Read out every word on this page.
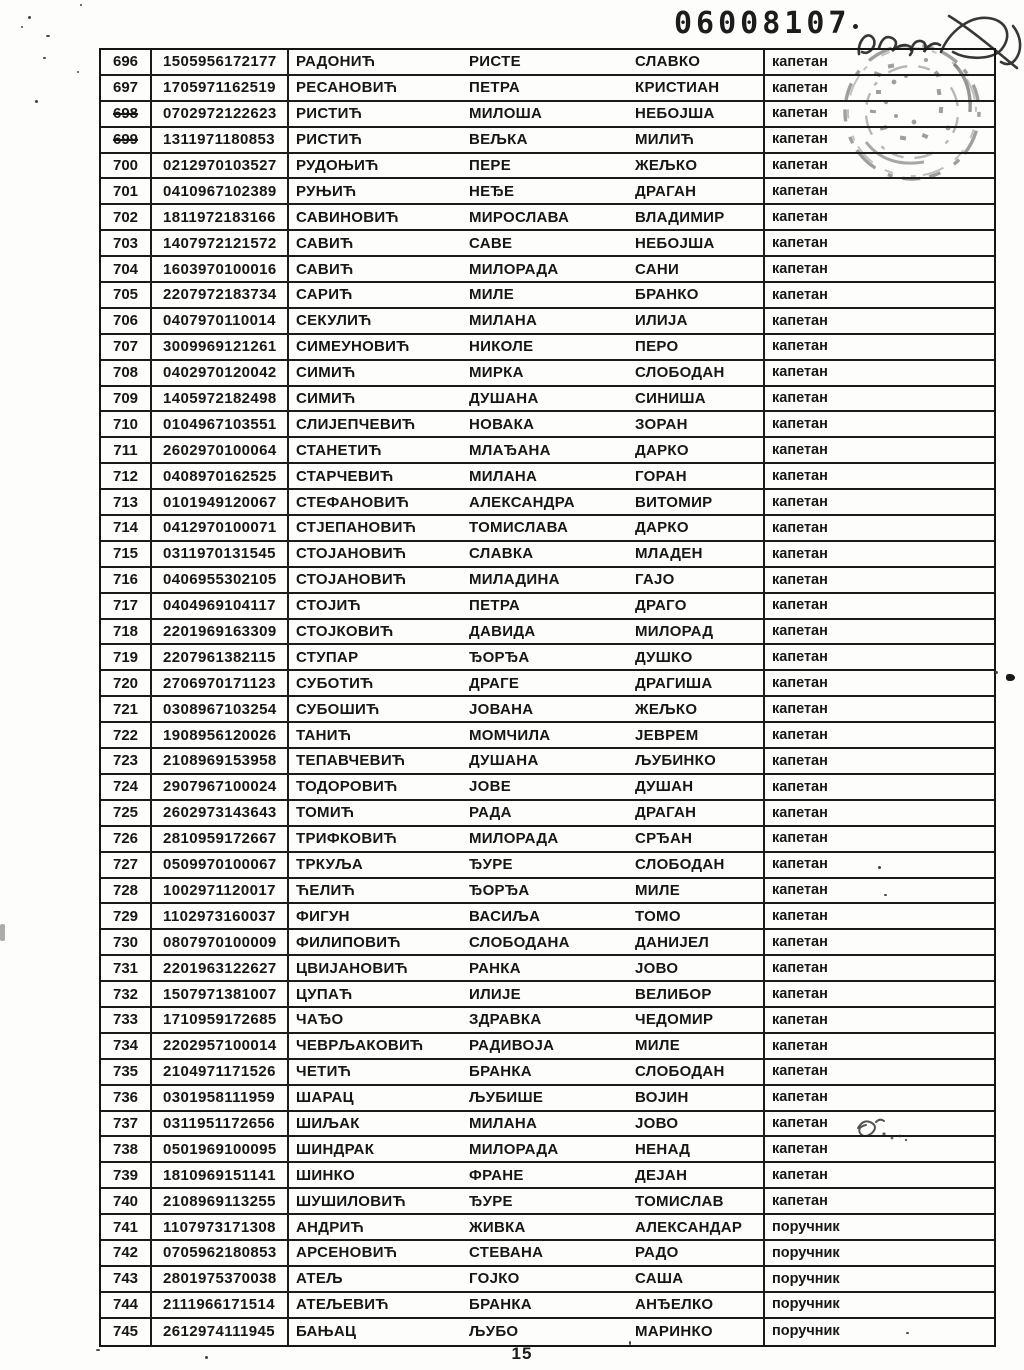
06008107
696	1505956172177	РАДОНИЋ	РИСТЕ	СЛАВКО	капетан
697	1705971162519	РЕСАНОВИЋ	ПЕТРА	КРИСТИАН	капетан
698	0702972122623	РИСТИЋ	МИЛОША	НЕБОЈША	капетан
699	1311971180853	РИСТИЋ	ВЕЉКА	МИЛИЋ	капетан
700	0212970103527	РУДОЊИЋ	ПЕРЕ	ЖЕЉКО	капетан
701	0410967102389	РУЊИЋ	НЕЂЕ	ДРАГАН	капетан
702	1811972183166	САВИНОВИЋ	МИРОСЛАВА	ВЛАДИМИР	капетан
703	1407972121572	САВИЋ	САВЕ	НЕБОЈША	капетан
704	1603970100016	САВИЋ	МИЛОРАДА	САНИ	капетан
705	2207972183734	САРИЋ	МИЛЕ	БРАНКО	капетан
706	0407970110014	СЕКУЛИЋ	МИЛАНА	ИЛИЈА	капетан
707	3009969121261	СИМЕУНОВИЋ	НИКОЛЕ	ПЕРО	капетан
708	0402970120042	СИМИЋ	МИРКА	СЛОБОДАН	капетан
709	1405972182498	СИМИЋ	ДУШАНА	СИНИША	капетан
710	0104967103551	СЛИЈЕПЧЕВИЋ	НОВАКА	ЗОРАН	капетан
711	2602970100064	СТАНЕТИЋ	МЛАЂАНА	ДАРКО	капетан
712	0408970162525	СТАРЧЕВИЋ	МИЛАНА	ГОРАН	капетан
713	0101949120067	СТЕФАНОВИЋ	АЛЕКСАНДРА	ВИТОМИР	капетан
714	0412970100071	СТЈЕПАНОВИЋ	ТОМИСЛАВА	ДАРКО	капетан
715	0311970131545	СТОЈАНОВИЋ	СЛАВКА	МЛАДЕН	капетан
716	0406955302105	СТОЈАНОВИЋ	МИЛАДИНА	ГАЈО	капетан
717	0404969104117	СТОЈИЋ	ПЕТРА	ДРАГО	капетан
718	2201969163309	СТОЈКОВИЋ	ДАВИДА	МИЛОРАД	капетан
719	2207961382115	СТУПАР	ЂОРЂА	ДУШКО	капетан
720	2706970171123	СУБОТИЋ	ДРАГЕ	ДРАГИША	капетан
721	0308967103254	СУБОШИЋ	ЈОВАНА	ЖЕЉКО	капетан
722	1908956120026	ТАНИЋ	МОМЧИЛА	ЈЕВРЕМ	капетан
723	2108969153958	ТЕПАВЧЕВИЋ	ДУШАНА	ЉУБИНКО	капетан
724	2907967100024	ТОДОРОВИЋ	ЈОВЕ	ДУШАН	капетан
725	2602973143643	ТОМИЋ	РАДА	ДРАГАН	капетан
726	2810959172667	ТРИФКОВИЋ	МИЛОРАДА	СРЂАН	капетан
727	0509970100067	ТРКУЉА	ЂУРЕ	СЛОБОДАН	капетан
728	1002971120017	ЋЕЛИЋ	ЂОРЂА	МИЛЕ	капетан
729	1102973160037	ФИГУН	ВАСИЉА	ТОМО	капетан
730	0807970100009	ФИЛИПОВИЋ	СЛОБОДАНА	ДАНИЈЕЛ	капетан
731	2201963122627	ЦВИЈАНОВИЋ	РАНКА	ЈОВО	капетан
732	1507971381007	ЦУПАЋ	ИЛИЈЕ	ВЕЛИБОР	капетан
733	1710959172685	ЧАЂО	ЗДРАВКА	ЧЕДОМИР	капетан
734	2202957100014	ЧЕВРЉАКОВИЋ	РАДИВОЈА	МИЛЕ	капетан
735	2104971171526	ЧЕТИЋ	БРАНКА	СЛОБОДАН	капетан
736	0301958111959	ШАРАЦ	ЉУБИШЕ	ВОЈИН	капетан
737	0311951172656	ШИЉАК	МИЛАНА	ЈОВО	капетан
738	0501969100095	ШИНДРАК	МИЛОРАДА	НЕНАД	капетан
739	1810969151141	ШИНКО	ФРАНЕ	ДЕЈАН	капетан
740	2108969113255	ШУШИЛОВИЋ	ЂУРЕ	ТОМИСЛАВ	капетан
741	1107973171308	АНДРИЋ	ЖИВКА	АЛЕКСАНДАР	поручник
742	0705962180853	АРСЕНОВИЋ	СТЕВАНА	РАДО	поручник
743	2801975370038	АТЕЉ	ГОЈКО	САША	поручник
744	2111966171514	АТЕЉЕВИЋ	БРАНКА	АНЂЕЛКО	поручник
745	2612974111945	БАЊАЦ	ЉУБО	МАРИНКО	поручник
15
